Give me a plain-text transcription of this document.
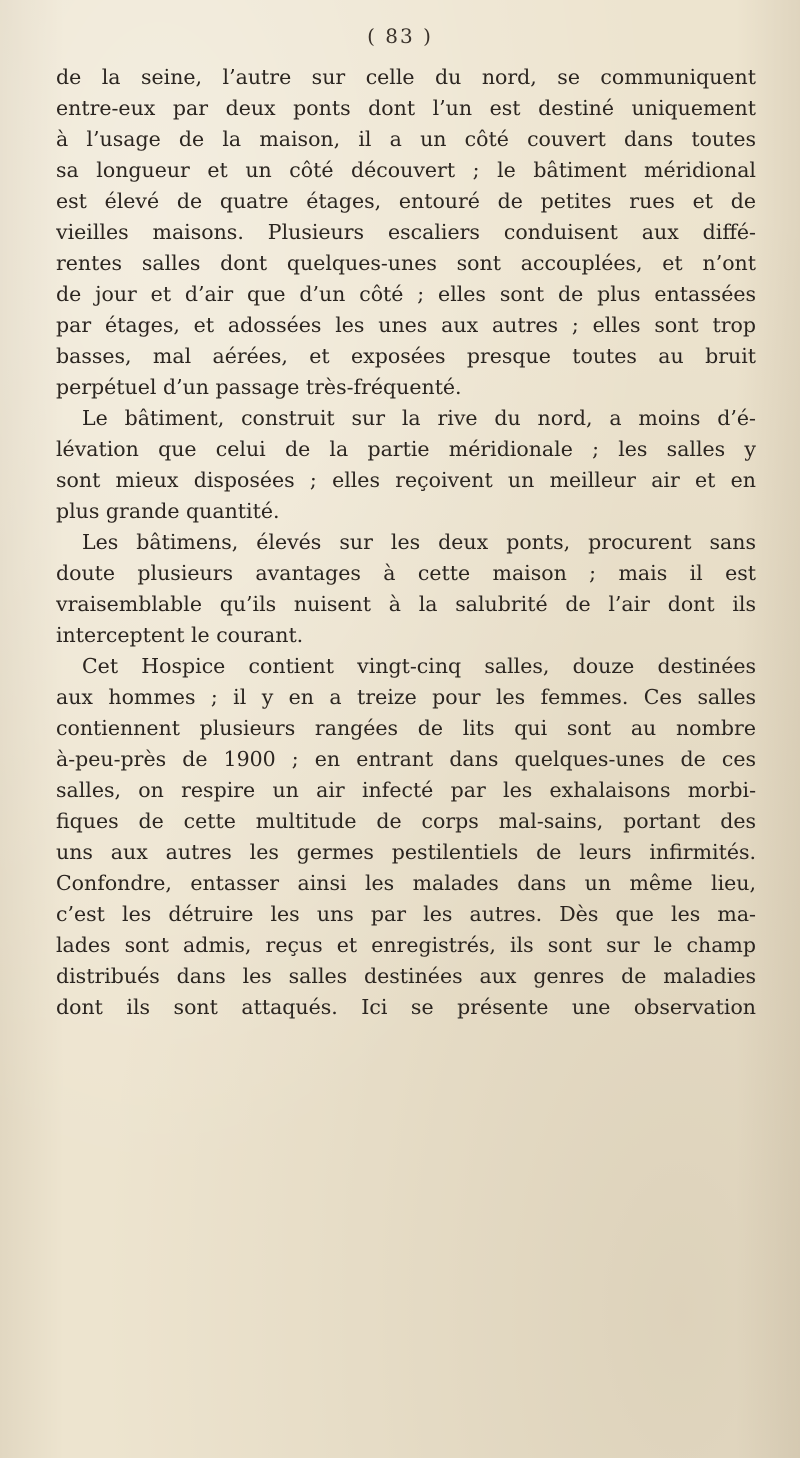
( 83 )
de la seine, l’autre sur celle du nord, se communiquent
entre-eux par deux ponts dont l’un est destiné uniquement
à l’usage de la maison, il a un côté couvert dans toutes
sa longueur et un côté découvert ; le bâtiment méridional
est élevé de quatre étages, entouré de petites rues et de
vieilles maisons. Plusieurs escaliers conduisent aux diffé-
rentes salles dont quelques-unes sont accouplées, et n’ont
de jour et d’air que d’un côté ; elles sont de plus entassées
par étages, et adossées les unes aux autres ; elles sont trop
basses, mal aérées, et exposées presque toutes au bruit
perpétuel d’un passage très-fréquenté.
Le bâtiment, construit sur la rive du nord, a moins d’é-
lévation que celui de la partie méridionale ; les salles y
sont mieux disposées ; elles reçoivent un meilleur air et en
plus grande quantité.
Les bâtimens, élevés sur les deux ponts, procurent sans
doute plusieurs avantages à cette maison ; mais il est
vraisemblable qu’ils nuisent à la salubrité de l’air dont ils
interceptent le courant.
Cet Hospice contient vingt-cinq salles, douze destinées
aux hommes ; il y en a treize pour les femmes. Ces salles
contiennent plusieurs rangées de lits qui sont au nombre
à-peu-près de 1900 ; en entrant dans quelques-unes de ces
salles, on respire un air infecté par les exhalaisons morbi-
fiques de cette multitude de corps mal-sains, portant des
uns aux autres les germes pestilentiels de leurs infirmités.
Confondre, entasser ainsi les malades dans un même lieu,
c’est les détruire les uns par les autres. Dès que les ma-
lades sont admis, reçus et enregistrés, ils sont sur le champ
distribués dans les salles destinées aux genres de maladies
dont ils sont attaqués. Ici se présente une observation
